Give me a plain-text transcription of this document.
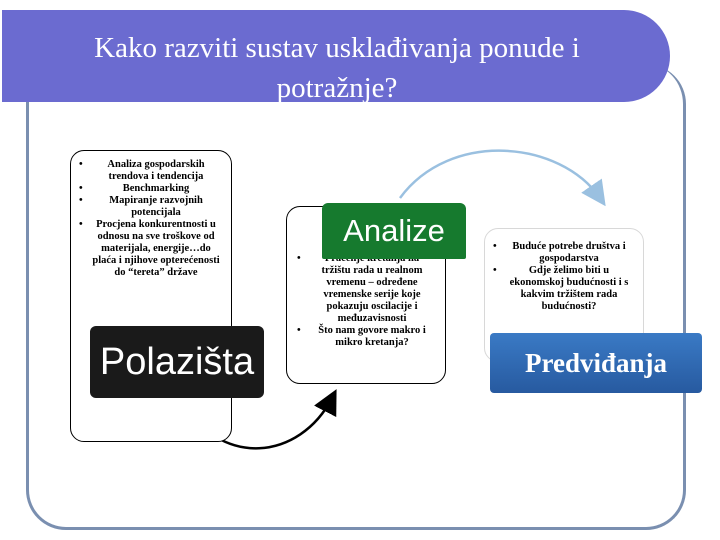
Kako razviti sustav usklađivanja ponude i
potražnje?
• Analiza gospodarskih trendova i tendencija
• Benchmarking
• Mapiranje razvojnih potencijala
• Procjena konkurentnosti u odnosu na sve troškove od materijala, energije…do plaća i njihove opterećenosti do “tereta” države
Polazišta
• tržištu rada u realnom vremenu – određene vremenske serije koje pokazuju oscilacije i međuzavisnosti
• Što nam govore makro i mikro kretanja?
Analize
•	Buduće potrebe društva i gospodarstva
• Gdje želimo biti u ekonomskoj budućnosti i s kakvim tržištem rada budućnosti?
Predviđanja
